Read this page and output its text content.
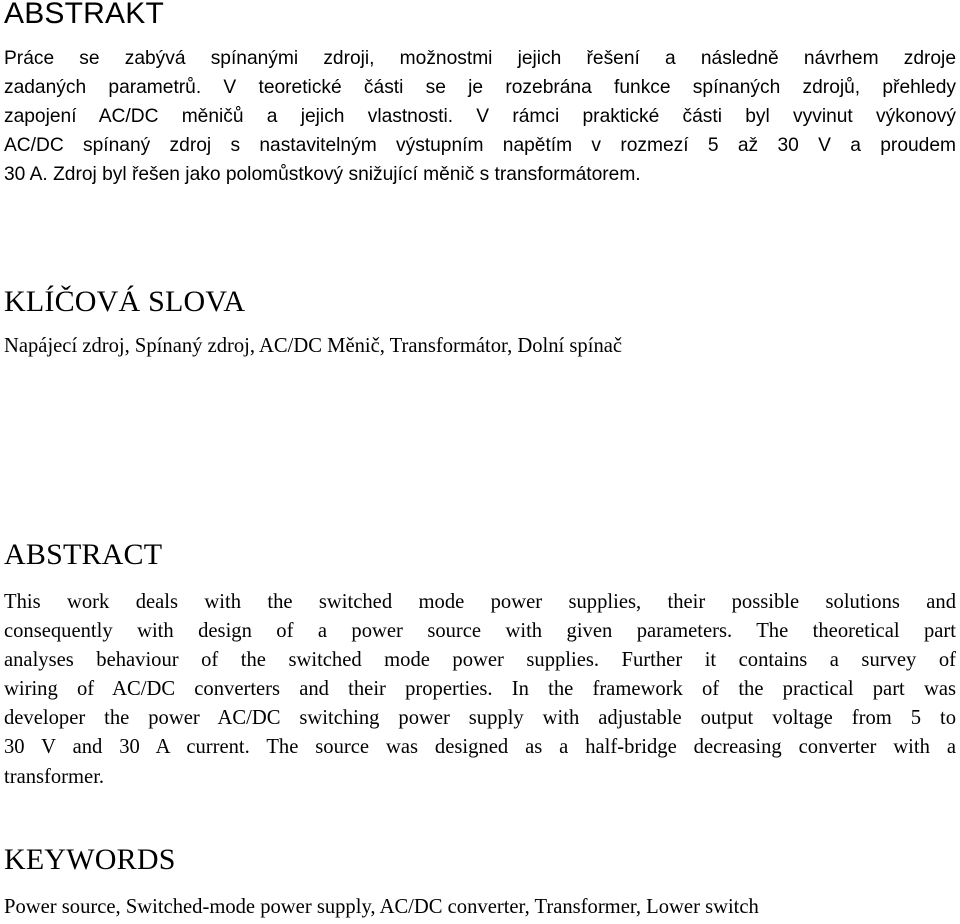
ABSTRAKT
Práce se zabývá spínanými zdroji, možnostmi jejich řešení a následně návrhem zdroje
zadaných parametrů. V teoretické části se je rozebrána funkce spínaných zdrojů, přehledy
zapojení AC/DC měničů a jejich vlastnosti. V rámci praktické části byl vyvinut výkonový
AC/DC spínaný zdroj s nastavitelným výstupním napětím v rozmezí 5 až 30 V a proudem
30 A. Zdroj byl řešen jako polomůstkový snižující měnič s transformátorem.
KLÍČOVÁ SLOVA
Napájecí zdroj, Spínaný zdroj, AC/DC Měnič, Transformátor, Dolní spínač
ABSTRACT
This work deals with the switched mode power supplies, their possible solutions and
consequently with design of a power source with given parameters. The theoretical part
analyses behaviour of the switched mode power supplies. Further it contains a survey of
wiring of AC/DC converters and their properties. In the framework of the practical part was
developer the power AC/DC switching power supply with adjustable output voltage from 5 to
30 V and 30 A current. The source was designed as a half-bridge decreasing converter with a
transformer.
KEYWORDS
Power source, Switched-mode power supply, AC/DC converter, Transformer, Lower switch
